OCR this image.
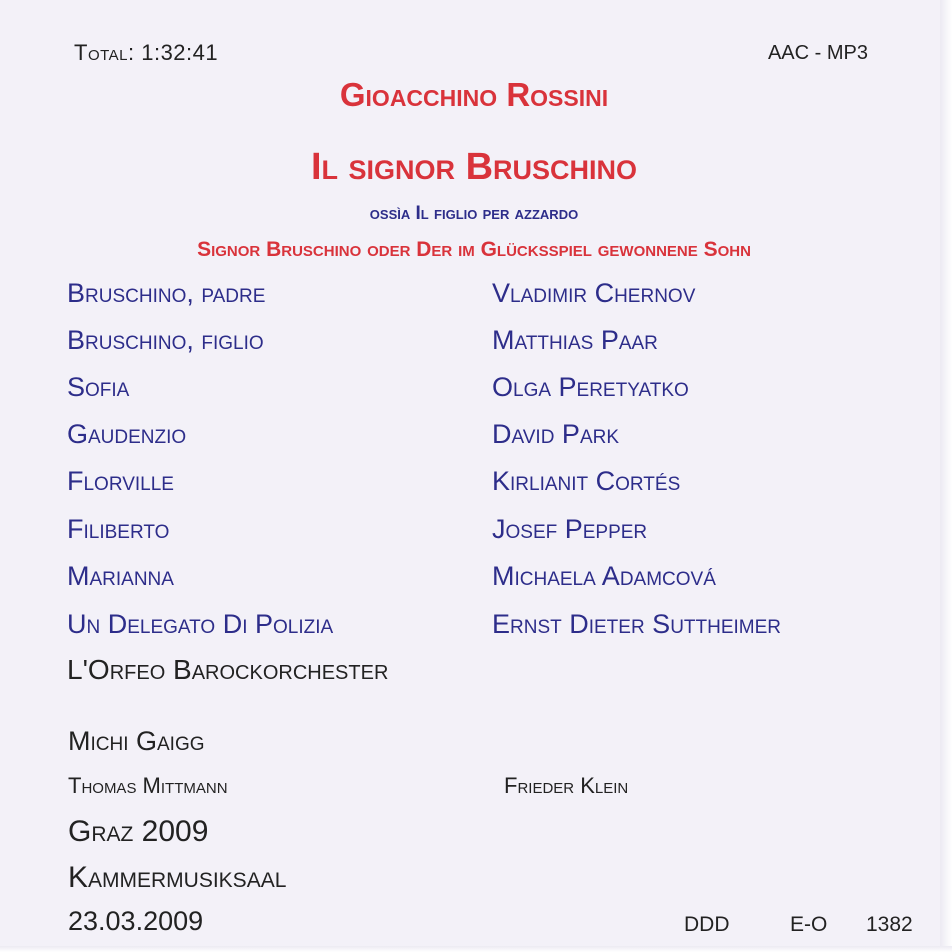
Total: 1:32:41	AAC - MP3
Gioacchino Rossini
Il signor Bruschino
ossìa Il figlio per azzardo
Signor Bruschino oder Der im Glücksspiel gewonnene Sohn
Bruschino, padre	Vladimir Chernov
Bruschino, figlio	Matthias Paar
Sofia	Olga Peretyatko
Gaudenzio	David Park
Florville	Kirlianit Cortés
Filiberto	Josef Pepper
Marianna	Michaela Adamcová
Un Delegato Di Polizia	Ernst Dieter Suttheimer
L'Orfeo Barockorchester
Michi Gaigg
Thomas Mittmann	Frieder Klein
Graz 2009
Kammermusiksaal
23.03.2009	DDD	E-O 1382
